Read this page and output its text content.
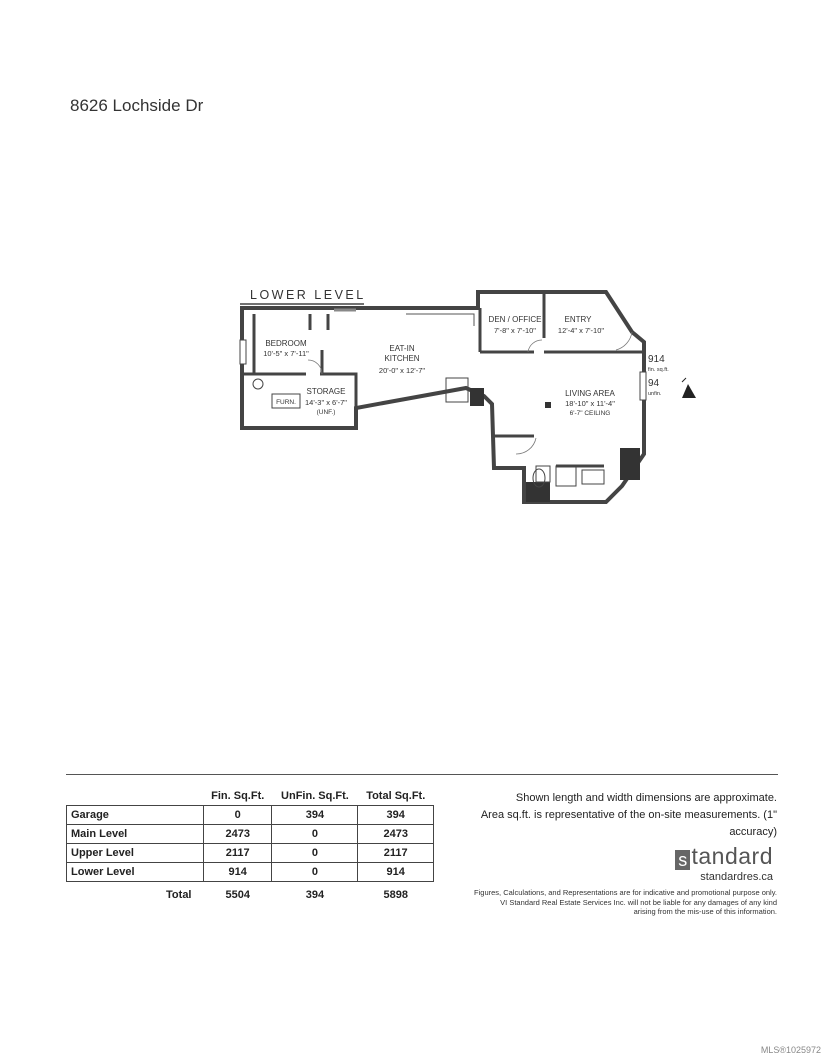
8626 Lochside Dr
LOWER LEVEL
BEDROOM
10'-5" x 7'-11"
EAT-IN
KITCHEN
20'-0" x 12'-7"
DEN / OFFICE
7'-8" x 7'-10"
ENTRY
12'-4" x 7'-10"
STORAGE
14'-3" x 6'-7"
(UNF.)
FURN.
LIVING AREA
18'-10" x 11'-4"
6'-7" CEILING
914
fin. sq.ft.
94
unfin.
	Fin. Sq.Ft.	UnFin. Sq.Ft.	Total Sq.Ft.
Garage	0	394	394
Main Level	2473	0	2473
Upper Level	2117	0	2117
Lower Level	914	0	914
Total	5504	394	5898
Shown length and width dimensions are approximate.
Area sq.ft. is representative of the on-site measurements. (1" accuracy)
s tandard
standardres.ca
Figures, Calculations, and Representations are for indicative and promotional purpose only.
VI Standard Real Estate Services Inc. will not be liable for any damages of any kind
arising from the mis-use of this information.
MLS®1025972
